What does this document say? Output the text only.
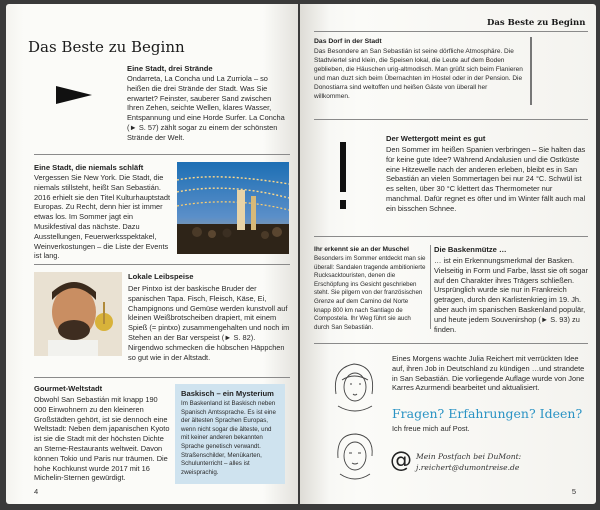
Das Beste zu Beginn
Eine Stadt, drei Strände
Ondarreta, La Concha und La Zurriola – so heißen die drei Strände der Stadt. Was Sie erwartet? Feinster, sauberer Sand zwischen Ihren Zehen, seichte Wellen, klares Wasser, Entspannung und eine Horde Surfer. La Concha (► S. 57) zählt sogar zu einem der schönsten Strände der Welt.
Eine Stadt, die niemals schläft
Vergessen Sie New York. Die Stadt, die niemals stillsteht, heißt San Sebastián. 2016 erhielt sie den Titel Kulturhauptstadt Europas. Zu Recht, denn hier ist immer etwas los. Im Sommer jagt ein Musikfestival das nächste. Dazu Ausstellungen, Feuerwerksspektakel, Weinverkostungen – die Liste der Events ist lang.
Lokale Leibspeise
Der Pintxo ist der baskische Bruder der spanischen Tapa. Fisch, Fleisch, Käse, Ei, Champignons und Gemüse werden kunstvoll auf kleinen Weißbrotscheiben drapiert, mit einem Spieß (= pintxo) zusammengehalten und noch im Stehen an der Bar verspeist (► S. 82). Nirgendwo schmecken die hübschen Häppchen so gut wie in der Altstadt.
Gourmet-Weltstadt
Obwohl San Sebastián mit knapp 190 000 Einwohnern zu den kleineren Großstädten gehört, ist sie dennoch eine Weltstadt: Neben dem japanischen Kyoto ist sie die Stadt mit der höchsten Dichte an Sterne-Restaurants weltweit. Davon können Tokio und Paris nur träumen. Die hohe Kochkunst wurde 2017 mit 16 Michelin-Sternen gewürdigt.
Baskisch – ein Mysterium
Im Baskenland ist Baskisch neben Spanisch Amtssprache. Es ist eine der ältesten Sprachen Europas, wenn nicht sogar die älteste, und mit keiner anderen bekannten Sprache genetisch verwandt. Straßenschilder, Menükarten, Schulunterricht – alles ist zweisprachig.
4
Das Beste zu Beginn
Das Dorf in der Stadt
Das Besondere an San Sebastián ist seine dörfliche Atmosphäre. Die Stadtviertel sind klein, die Speisen lokal, die Leute auf dem Boden geblieben, die Häuschen urig-altmodisch. Man grüßt sich beim Flanieren und man duzt sich beim Übernachten im Hostel oder in der Pension. Die Donostiarra sind weltoffen und heißen Gäste von überall her willkommen.
Der Wettergott meint es gut
Den Sommer im heißen Spanien verbringen – Sie halten das für keine gute Idee? Während Andalusien und die Ostküste eine Hitzewelle nach der anderen erleben, bleibt es in San Sebastián an vielen Sommertagen bei nur 24 °C. Schwül ist es selten, über 30 °C klettert das Thermometer nur manchmal. Dafür regnet es öfter und im Winter fällt auch mal ein bisschen Schnee.
Ihr erkennt sie an der Muschel
Besonders im Sommer entdeckt man sie überall: Sandalen tragende ambitionierte Rucksacktouristen, denen die Erschöpfung ins Gesicht geschrieben steht. Sie pilgern von der französischen Grenze auf dem Camino del Norte knapp 800 km nach Santiago de Compostela. Ihr Weg führt sie auch durch San Sebastián.
Die Baskenmütze …
… ist ein Erkennungsmerkmal der Basken. Vielseitig in Form und Farbe, lässt sie oft sogar auf den Charakter ihres Trägers schließen. Ursprünglich wurde sie nur in Frankreich getragen, durch den Karlistenkrieg im 19. Jh. aber auch im spanischen Baskenland populär, und heute jedem Souvenirshop (► S. 93) zu finden.
Eines Morgens wachte Julia Reichert mit verrückten Idee auf, ihren Job in Deutschland zu kündigen …und strandete in San Sebastián. Die vorliegende Auflage wurde von Jone Karres Azurmendi bearbeitet und aktualisiert.
Fragen? Erfahrungen? Ideen?
Ich freue mich auf Post.
@ Mein Postfach bei DuMont:
j.reichert@dumontreise.de
5
